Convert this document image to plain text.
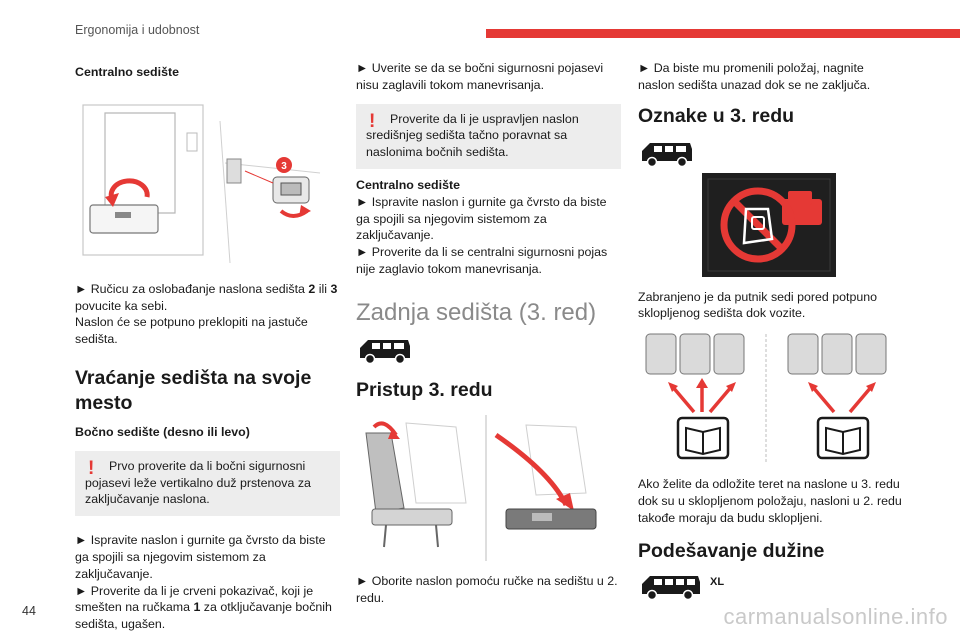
Ergonomija i udobnost
Centralno sedište
3
► Ručicu za oslobađanje naslona sedišta 2 ili 3
povucite ka sebi.
Naslon će se potpuno preklopiti na jastuče sedišta.
Vraćanje sedišta na svoje mesto
Bočno sedište (desno ili levo)
!	Prvo proverite da li bočni sigurnosni
pojasevi leže vertikalno duž prstenova za zaključavanje naslona.
► Ispravite naslon i gurnite ga čvrsto da biste ga spojili sa njegovim sistemom za zaključavanje.
► Proverite da li je crveni pokazivač, koji je smešten na ručkama 1 za otključavanje bočnih sedišta, ugašen.
► Uverite se da se bočni sigurnosni pojasevi nisu zaglavili tokom manevrisanja.
!	Proverite da li je uspravljen naslon
središnjeg sedišta tačno poravnat sa naslonima bočnih sedišta.
Centralno sedište
► Ispravite naslon i gurnite ga čvrsto da biste ga spojili sa njegovim sistemom za zaključavanje.
► Proverite da li se centralni sigurnosni pojas nije zaglavio tokom manevrisanja.
Zadnja sedišta (3. red)
Pristup 3. redu
► Oborite naslon pomoću ručke na sedištu u 2. redu.
► Da biste mu promenili položaj, nagnite naslon sedišta unazad dok se ne zaključa.
Oznake u 3. redu
Zabranjeno je da putnik sedi pored potpuno sklopljenog sedišta dok vozite.
Ako želite da odložite teret na naslone u 3. redu dok su u sklopljenom položaju, nasloni u 2. redu takođe moraju da budu sklopljeni.
Podešavanje dužine
XL
44	carmanualsonline.info
